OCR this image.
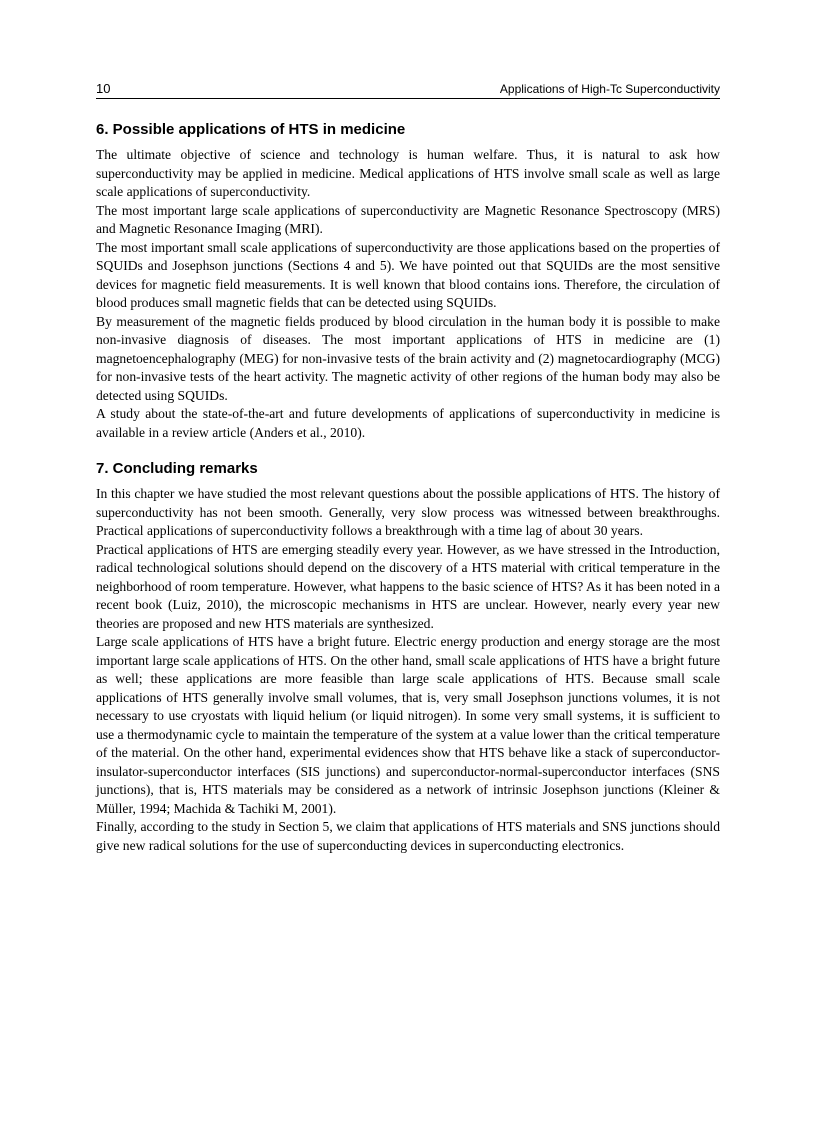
10	Applications of High-Tc Superconductivity
6. Possible applications of HTS in medicine

The ultimate objective of science and technology is human welfare. Thus, it is natural to ask how superconductivity may be applied in medicine. Medical applications of HTS involve small scale as well as large scale applications of superconductivity.

The most important large scale applications of superconductivity are Magnetic Resonance Spectroscopy (MRS) and Magnetic Resonance Imaging (MRI).

The most important small scale applications of superconductivity are those applications based on the properties of SQUIDs and Josephson junctions (Sections 4 and 5). We have pointed out that SQUIDs are the most sensitive devices for magnetic field measurements. It is well known that blood contains ions. Therefore, the circulation of blood produces small magnetic fields that can be detected using SQUIDs.

By measurement of the magnetic fields produced by blood circulation in the human body it is possible to make non-invasive diagnosis of diseases. The most important applications of HTS in medicine are (1) magnetoencephalography (MEG) for non-invasive tests of the brain activity and (2) magnetocardiography (MCG) for non-invasive tests of the heart activity. The magnetic activity of other regions of the human body may also be detected using SQUIDs.

A study about the state-of-the-art and future developments of applications of superconductivity in medicine is available in a review article (Anders et al., 2010).

7. Concluding remarks

In this chapter we have studied the most relevant questions about the possible applications of HTS. The history of superconductivity has not been smooth. Generally, very slow process was witnessed between breakthroughs. Practical applications of superconductivity follows a breakthrough with a time lag of about 30 years.

Practical applications of HTS are emerging steadily every year. However, as we have stressed in the Introduction, radical technological solutions should depend on the discovery of a HTS material with critical temperature in the neighborhood of room temperature. However, what happens to the basic science of HTS? As it has been noted in a recent book (Luiz, 2010), the microscopic mechanisms in HTS are unclear. However, nearly every year new theories are proposed and new HTS materials are synthesized.

Large scale applications of HTS have a bright future. Electric energy production and energy storage are the most important large scale applications of HTS. On the other hand, small scale applications of HTS have a bright future as well; these applications are more feasible than large scale applications of HTS. Because small scale applications of HTS generally involve small volumes, that is, very small Josephson junctions volumes, it is not necessary to use cryostats with liquid helium (or liquid nitrogen). In some very small systems, it is sufficient to use a thermodynamic cycle to maintain the temperature of the system at a value lower than the critical temperature of the material. On the other hand, experimental evidences show that HTS behave like a stack of superconductor-insulator-superconductor interfaces (SIS junctions) and superconductor-normal-superconductor interfaces (SNS junctions), that is, HTS materials may be considered as a network of intrinsic Josephson junctions (Kleiner & Müller, 1994; Machida & Tachiki M, 2001).

Finally, according to the study in Section 5, we claim that applications of HTS materials and SNS junctions should give new radical solutions for the use of superconducting devices in superconducting electronics.
